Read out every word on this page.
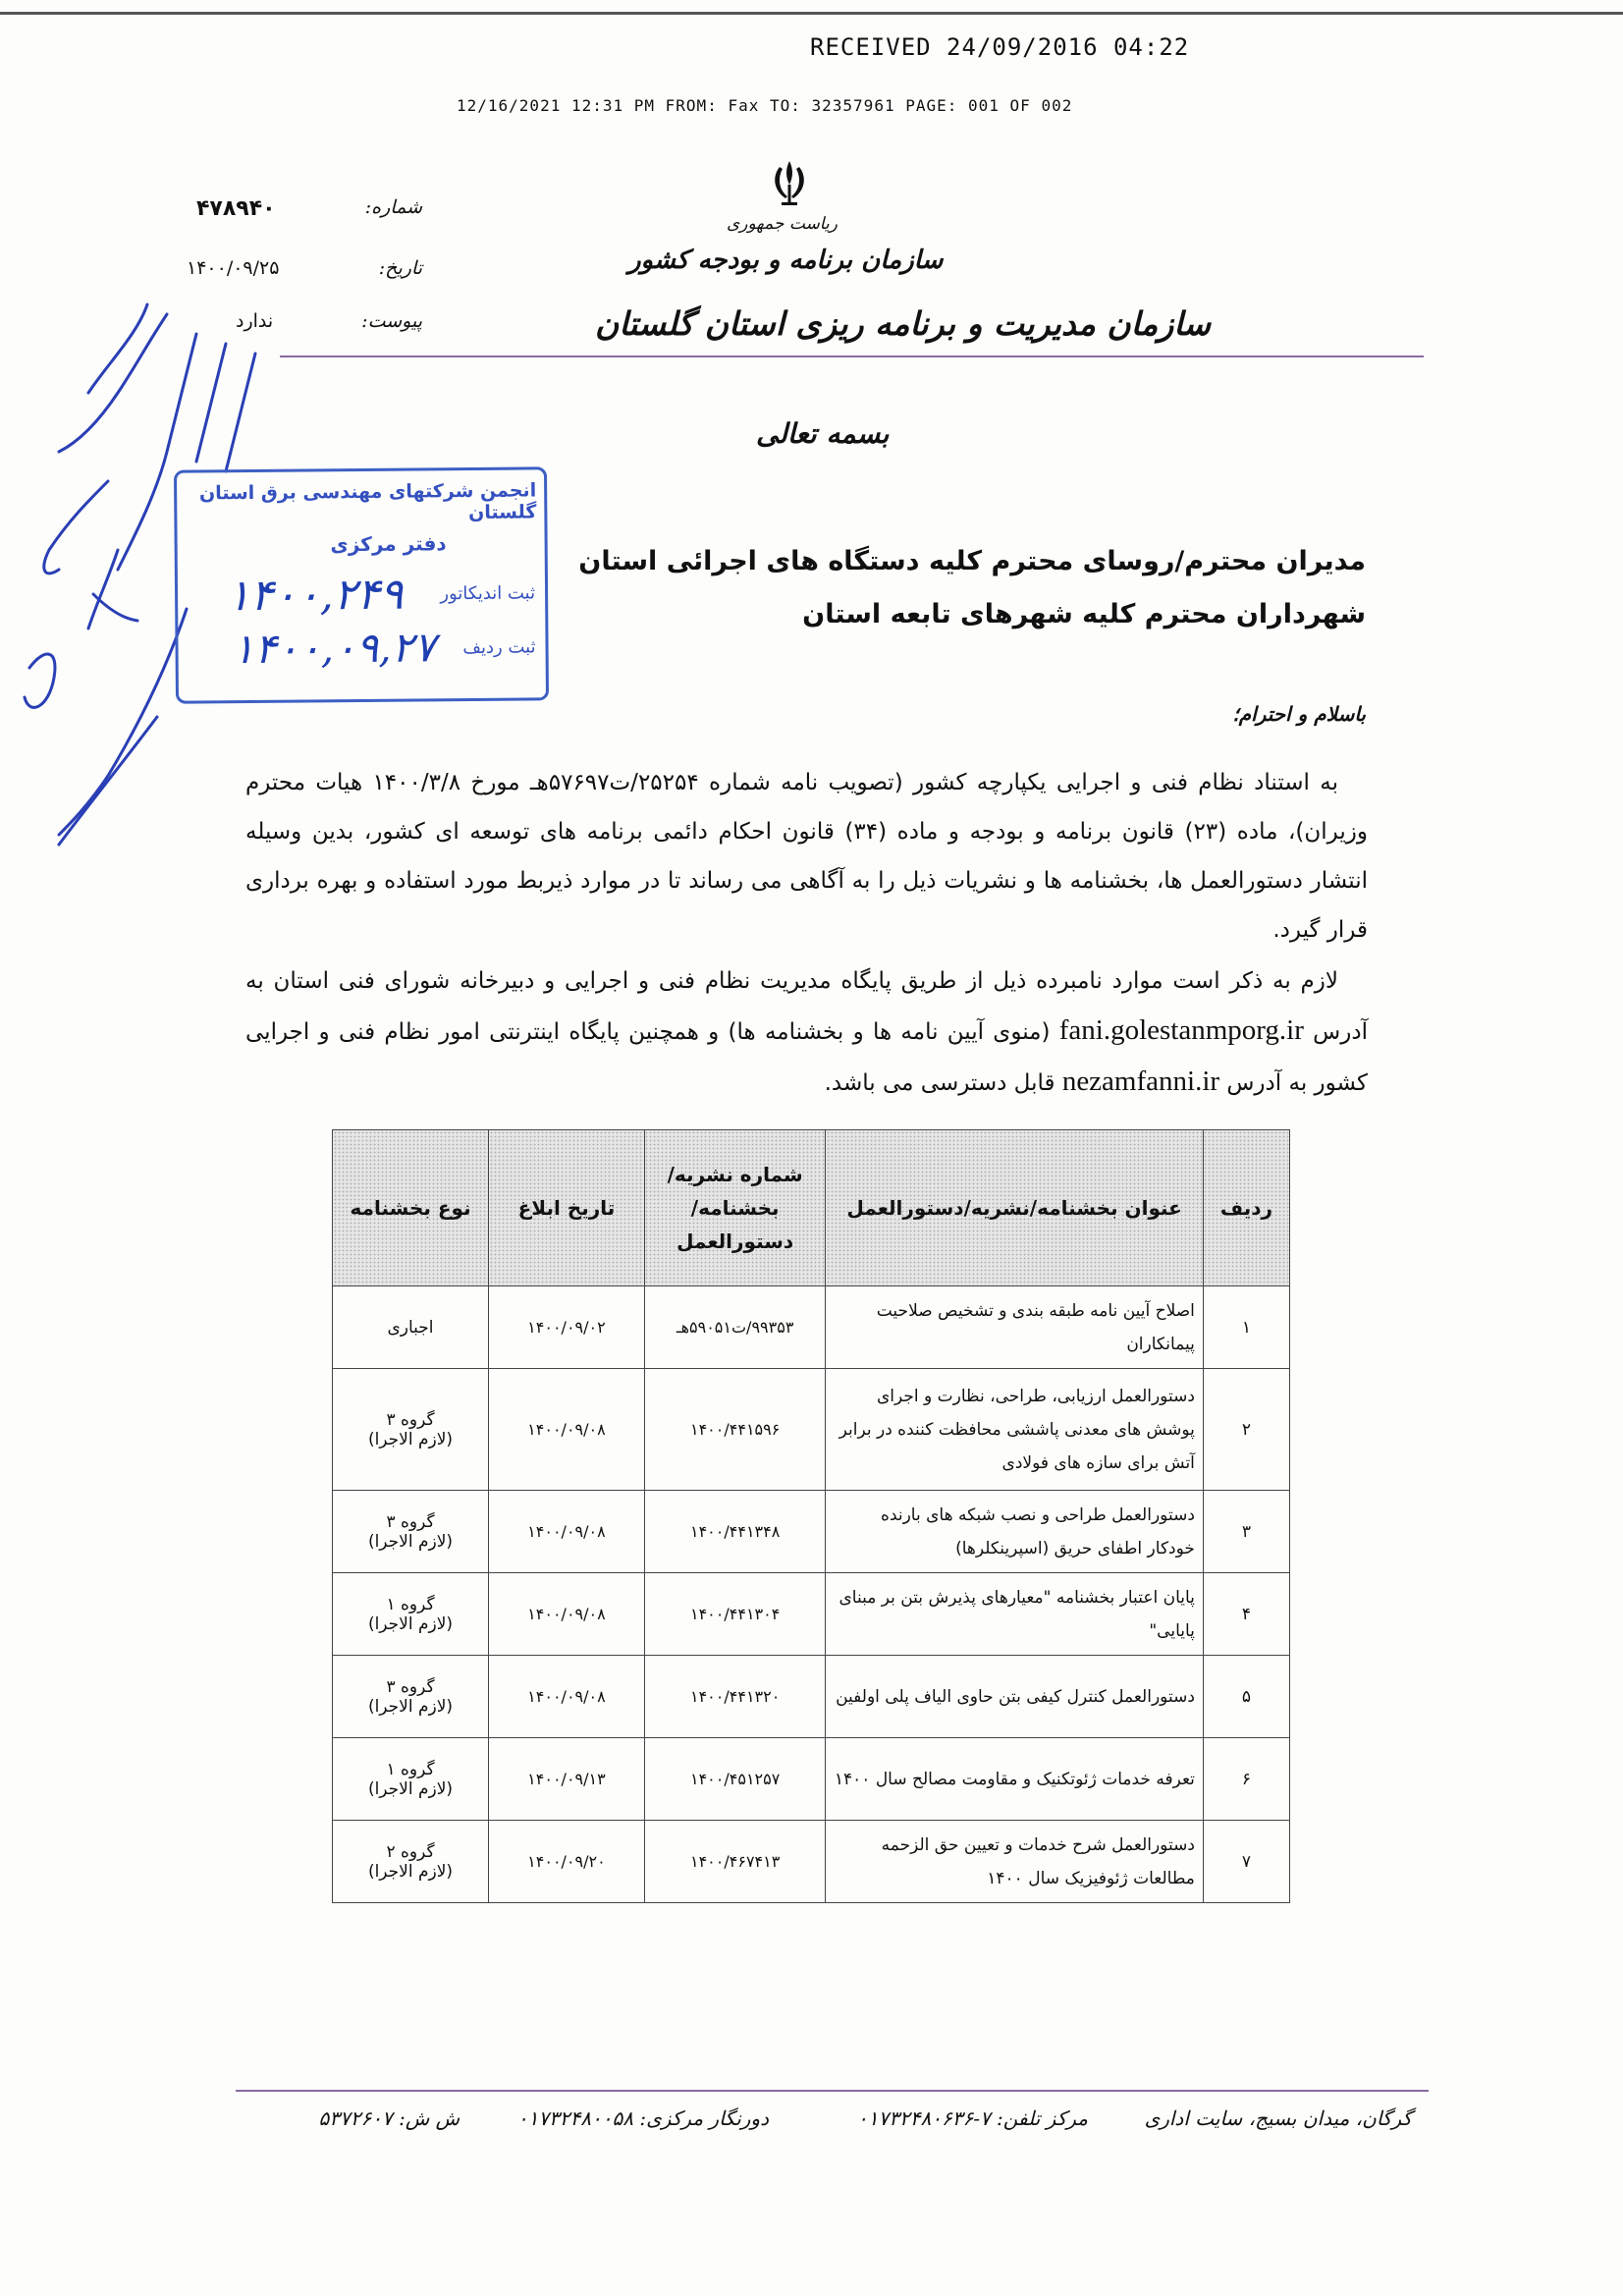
RECEIVED 24/09/2016 04:22
12/16/2021 12:31 PM FROM: Fax TO: 32357961 PAGE: 001 OF 002
شماره:
۴۷۸۹۴۰
تاریخ:
۱۴۰۰/۰۹/۲۵
پیوست:
ندارد
ریاست جمهوری
سازمان برنامه و بودجه کشور
سازمان مدیریت و برنامه ریزی استان گلستان
بسمه تعالی
انجمن شرکتهای مهندسی برق استان گلستان
دفتر مرکزی
ثبت اندیکاتور
ثبت ردیف
۱۴۰۰,۲۴۹
۱۴۰۰,۰۹,۲۷
مدیران محترم/روسای محترم کلیه دستگاه های اجرائی استان
شهرداران محترم کلیه شهرهای تابعه استان
باسلام و احترام؛

به استناد نظام فنی و اجرایی یکپارچه کشور (تصویب نامه شماره ۲۵۲۵۴/ت۵۷۶۹۷هـ مورخ ۱۴۰۰/۳/۸ هیات محترم وزیران)، ماده (۲۳) قانون برنامه و بودجه و ماده (۳۴) قانون احکام دائمی برنامه های توسعه ای کشور، بدین وسیله انتشار دستورالعمل ها، بخشنامه ها و نشریات ذیل را به آگاهی می رساند تا در موارد ذیربط مورد استفاده و بهره برداری قرار گیرد.

لازم به ذکر است موارد نامبرده ذیل از طریق پایگاه مدیریت نظام فنی و اجرایی و دبیرخانه شورای فنی استان به آدرس fani.golestanmporg.ir (منوی آیین نامه ها و بخشنامه ها) و همچنین پایگاه اینترنتی امور نظام فنی و اجرایی کشور به آدرس nezamfanni.ir قابل دسترسی می باشد.

ردیف	عنوان بخشنامه/نشریه/دستورالعمل	شماره نشریه/بخشنامه/دستورالعمل	تاریخ ابلاغ	نوع بخشنامه
۱	اصلاح آیین نامه طبقه بندی و تشخیص صلاحیت پیمانکاران	۹۹۳۵۳/ت۵۹۰۵۱هـ	۱۴۰۰/۰۹/۰۲	اجباری

۲	دستورالعمل ارزیابی، طراحی، نظارت و اجرای پوشش های معدنی پاششی محافظت کننده در برابر آتش برای سازه های فولادی	۱۴۰۰/۴۴۱۵۹۶	۱۴۰۰/۰۹/۰۸	گروه ۳
(لازم الاجرا)

۳	دستورالعمل طراحی و نصب شبکه های بارنده خودکار اطفای حریق (اسپرینکلرها)	۱۴۰۰/۴۴۱۳۴۸	۱۴۰۰/۰۹/۰۸	گروه ۳
(لازم الاجرا)

۴	پایان اعتبار بخشنامه "معیارهای پذیرش بتن بر مبنای پایایی"	۱۴۰۰/۴۴۱۳۰۴	۱۴۰۰/۰۹/۰۸	گروه ۱
(لازم الاجرا)

۵	دستورالعمل کنترل کیفی بتن حاوی الیاف پلی اولفین	۱۴۰۰/۴۴۱۳۲۰	۱۴۰۰/۰۹/۰۸	گروه ۳
(لازم الاجرا)

۶	تعرفه خدمات ژئوتکنیک و مقاومت مصالح سال ۱۴۰۰	۱۴۰۰/۴۵۱۲۵۷	۱۴۰۰/۰۹/۱۳	گروه ۱
(لازم الاجرا)

۷	دستورالعمل شرح خدمات و تعیین حق الزحمه مطالعات ژئوفیزیک سال ۱۴۰۰	۱۴۰۰/۴۶۷۴۱۳	۱۴۰۰/۰۹/۲۰	گروه ۲
(لازم الاجرا)
گرگان، میدان بسیج، سایت اداری
مرکز تلفن: ۷-۰۱۷۳۲۴۸۰۶۳۶
دورنگار مرکزی: ۰۱۷۳۲۴۸۰۰۵۸
ش ش: ۵۳۷۲۶۰۷
